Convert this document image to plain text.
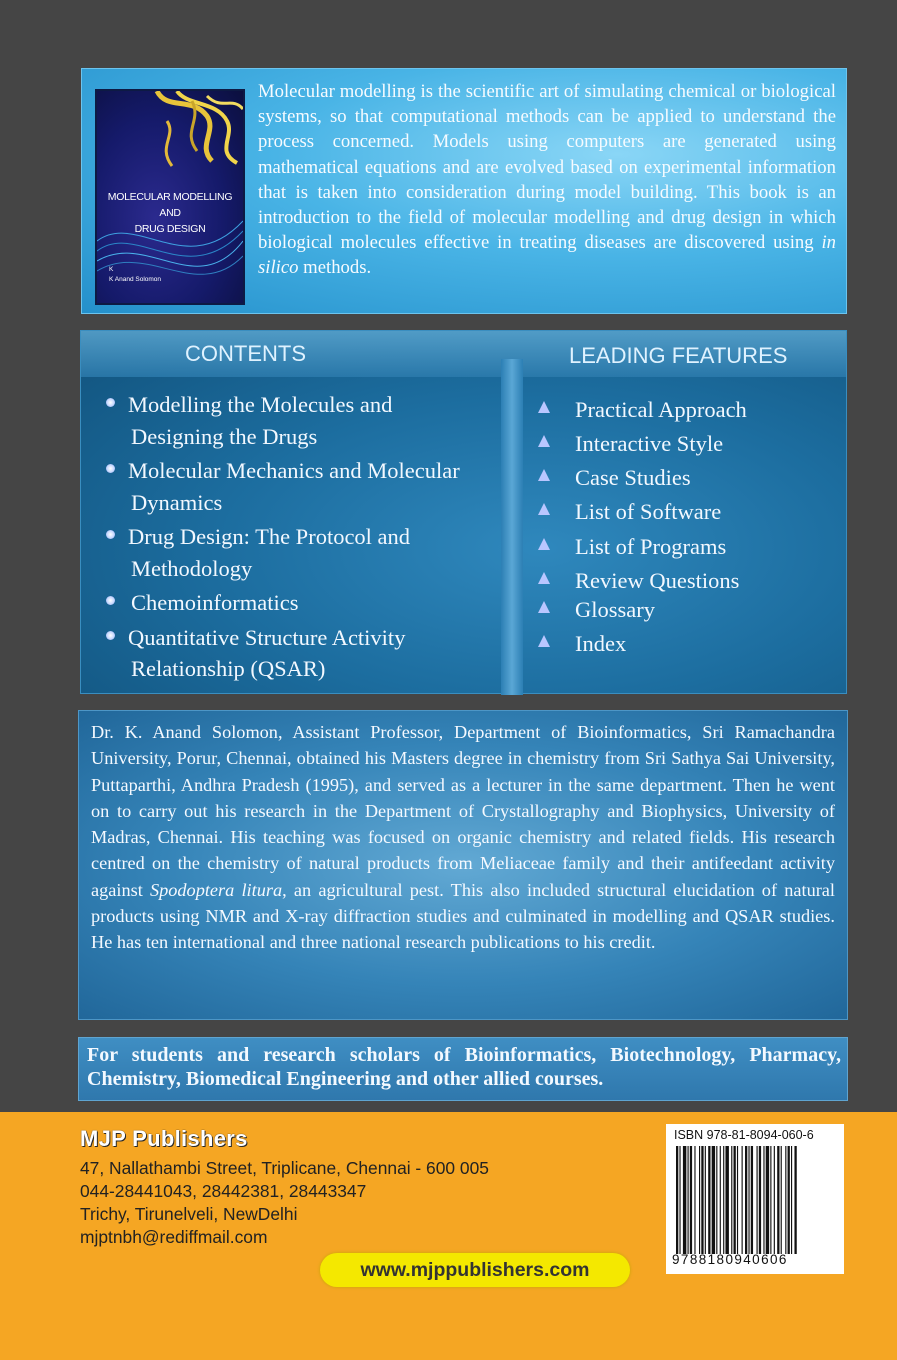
MOLECULAR MODELLING
AND
DRUG DESIGN
K
K Anand Solomon
Molecular modelling is the scientific art of simulating chemical or biological systems, so that computational methods can be applied to understand the process concerned. Models using computers are generated using mathematical equations and are evolved based on experimental information that is taken into consideration during model building. This book is an introduction to the field of molecular modelling and drug design in which biological molecules effective in treating diseases are discovered using in silico methods.
CONTENTS
Modelling the Molecules and
Designing the Drugs
Molecular Mechanics and Molecular
Dynamics
Drug Design: The Protocol and
Methodology
Chemoinformatics
Quantitative Structure Activity
Relationship (QSAR)
LEADING FEATURES
Practical Approach
Interactive Style
Case Studies
List of Software
List of Programs
Review Questions
Glossary
Index
Dr. K. Anand Solomon, Assistant Professor, Department of Bioinformatics, Sri Ramachandra University, Porur, Chennai, obtained his Masters degree in chemistry from Sri Sathya Sai University, Puttaparthi, Andhra Pradesh (1995), and served as a lecturer in the same department. Then he went on to carry out his research in the Department of Crystallography and Biophysics, University of Madras, Chennai. His teaching was focused on organic chemistry and related fields. His research centred on the chemistry of natural products from Meliaceae family and their antifeedant activity against Spodoptera litura, an agricultural pest. This also included structural elucidation of natural products using NMR and X-ray diffraction studies and culminated in modelling and QSAR studies. He has ten international and three national research publications to his credit.
For students and research scholars of Bioinformatics, Biotechnology, Pharmacy, Chemistry, Biomedical Engineering and other allied courses.
MJP Publishers
47, Nallathambi Street, Triplicane, Chennai - 600 005
044-28441043, 28442381, 28443347
Trichy, Tirunelveli, NewDelhi
mjptnbh@rediffmail.com
www.mjppublishers.com
ISBN 978-81-8094-060-6
9788180940606
